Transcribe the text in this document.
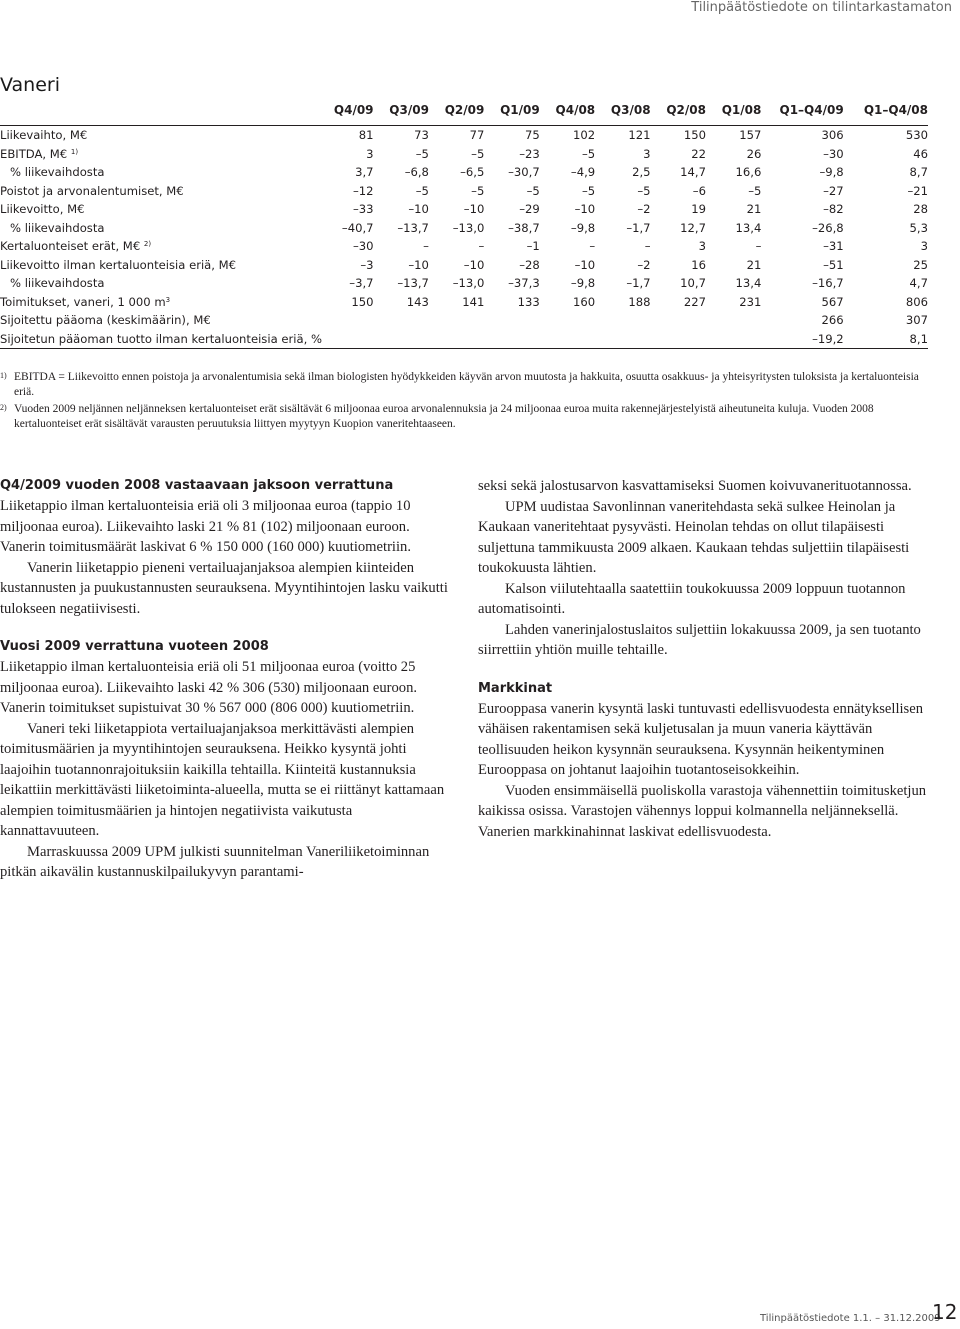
Tilinpäätöstiedote on tilintarkastamaton
Vaneri
	Q4/09	Q3/09	Q2/09	Q1/09	Q4/08	Q3/08	Q2/08	Q1/08	Q1–Q4/09	Q1–Q4/08
Liikevaihto, M€	81	73	77	75	102	121	150	157	306	530
EBITDA, M€ $^{1)}$	3	–5	–5	–23	–5	3	22	26	–30	46
% liikevaihdosta	3,7	–6,8	–6,5	–30,7	–4,9	2,5	14,7	16,6	–9,8	8,7
Poistot ja arvonalentumiset, M€	–12	–5	–5	–5	–5	–5	–6	–5	–27	–21
Liikevoitto, M€	–33	–10	–10	–29	–10	–2	19	21	–82	28
% liikevaihdosta	–40,7	–13,7	–13,0	–38,7	–9,8	–1,7	12,7	13,4	–26,8	5,3
Kertaluonteiset erät, M€ $^{2)}$	–30	–	–	–1	–	–	3	–	–31	3
Liikevoitto ilman kertaluonteisia eriä, M€	–3	–10	–10	–28	–10	–2	16	21	–51	25
% liikevaihdosta	–3,7	–13,7	–13,0	–37,3	–9,8	–1,7	10,7	13,4	–16,7	4,7
Toimitukset, vaneri, 1 000 $m^3$	150	143	141	133	160	188	227	231	567	806
Sijoitettu pääoma (keskimäärin), M€									266	307
Sijoitetun pääoman tuotto ilman kertaluonteisia eriä, %									–19,2	8,1
1) EBITDA = Liikevoitto ennen poistoja ja arvonalentumisia sekä ilman biologisten hyödykkeiden käyvän arvon muutosta ja hakkuita, osuutta osakkuus- ja yhteisyritysten tuloksista ja kertaluonteisia eriä.
2) Vuoden 2009 neljännen neljänneksen kertaluonteiset erät sisältävät 6 miljoonaa euroa arvonalennuksia ja 24 miljoonaa euroa muita rakennejärjestelyistä aiheutuneita kuluja. Vuoden 2008 kertaluonteiset erät sisältävät varausten peruutuksia liittyen myytyyn Kuopion vaneritehtaaseen.
Q4/2009 vuoden 2008 vastaavaan jaksoon verrattuna

Liiketappio ilman kertaluonteisia eriä oli 3 miljoonaa euroa (tappio 10 miljoonaa euroa). Liikevaihto laski 21 % 81 (102) miljoonaan euroon. Vanerin toimitusmäärät laskivat 6 % 150 000 (160 000) kuutiometriin.

Vanerin liiketappio pieneni vertailuajanjaksoa alempien kiinteiden kustannusten ja puukustannusten seurauksena. Myyntihintojen lasku vaikutti tulokseen negatiivisesti.

Vuosi 2009 verrattuna vuoteen 2008

Liiketappio ilman kertaluonteisia eriä oli 51 miljoonaa euroa (voitto 25 miljoonaa euroa). Liikevaihto laski 42 % 306 (530) miljoonaan euroon. Vanerin toimitukset supistuivat 30 % 567 000 (806 000) kuutiometriin.

Vaneri teki liiketappiota vertailuajanjaksoa merkittävästi alempien toimitusmäärien ja myyntihintojen seurauksena. Heikko kysyntä johti laajoihin tuotannonrajoituksiin kaikilla tehtailla. Kiinteitä kustannuksia leikattiin merkittävästi liiketoiminta-alueella, mutta se ei riittänyt kattamaan alempien toimitusmäärien ja hintojen negatiivista vaikutusta kannattavuuteen.

Marraskuussa 2009 UPM julkisti suunnitelman Vaneriliiketoiminnan pitkän aikavälin kustannuskilpailukyvyn parantami-

seksi sekä jalostusarvon kasvattamiseksi Suomen koivuvanerituotannossa.

UPM uudistaa Savonlinnan vaneritehdasta sekä sulkee Heinolan ja Kaukaan vaneritehtaat pysyvästi. Heinolan tehdas on ollut tilapäisesti suljettuna tammikuusta 2009 alkaen. Kaukaan tehdas suljettiin tilapäisesti toukokuusta lähtien.

Kalson viilutehtaalla saatettiin toukokuussa 2009 loppuun tuotannon automatisointi.

Lahden vanerinjalostuslaitos suljettiin lokakuussa 2009, ja sen tuotanto siirrettiin yhtiön muille tehtaille.

Markkinat

Eurooppasa vanerin kysyntä laski tuntuvasti edellisvuodesta ennätyksellisen vähäisen rakentamisen sekä kuljetusalan ja muun vaneria käyttävän teollisuuden heikon kysynnän seurauksena. Kysynnän heikentyminen Eurooppasa on johtanut laajoihin tuotantoseisokkeihin.

Vuoden ensimmäisellä puoliskolla varastoja vähennettiin toimitusketjun kaikissa osissa. Varastojen vähennys loppui kolmannella neljänneksellä. Vanerien markkinahinnat laskivat edellisvuodesta.

Tilinpäätöstiedote 1.1. – 31.12.2009
12
